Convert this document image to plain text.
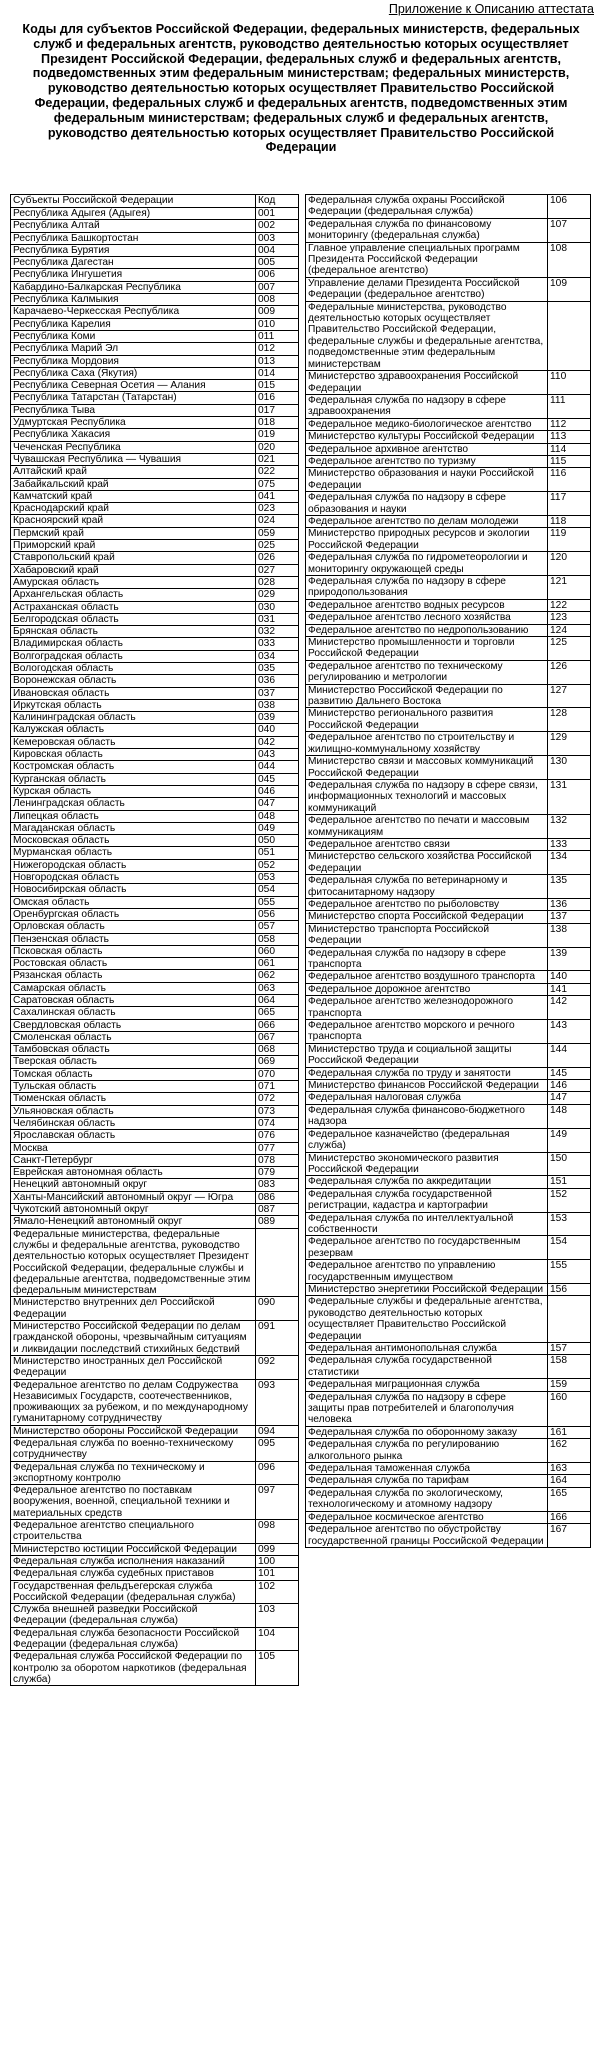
Приложение к Описанию аттестата
Коды для субъектов Российской Федерации, федеральных министерств, федеральных служб и федеральных агентств, руководство деятельностью которых осуществляет Президент Российской Федерации, федеральных служб и федеральных агентств, подведомственных этим федеральным министерствам; федеральных министерств, руководство деятельностью которых осуществляет Правительство Российской Федерации, федеральных служб и федеральных агентств, подведомственных этим федеральным министерствам; федеральных служб и федеральных агентств, руководство деятельностью которых осуществляет Правительство Российской Федерации
Субъекты Российской Федерации	Код
Республика Адыгея (Адыгея)	001
Республика Алтай	002
Республика Башкортостан	003
Республика Бурятия	004
Республика Дагестан	005
Республика Ингушетия	006
Кабардино-Балкарская Республика	007
Республика Калмыкия	008
Карачаево-Черкесская Республика	009
Республика Карелия	010
Республика Коми	011
Республика Марий Эл	012
Республика Мордовия	013
Республика Саха (Якутия)	014
Республика Северная Осетия — Алания	015
Республика Татарстан (Татарстан)	016
Республика Тыва	017
Удмуртская Республика	018
Республика Хакасия	019
Чеченская Республика	020
Чувашская Республика — Чувашия	021
Алтайский край	022
Забайкальский край	075
Камчатский край	041
Краснодарский край	023
Красноярский край	024
Пермский край	059
Приморский край	025
Ставропольский край	026
Хабаровский край	027
Амурская область	028
Архангельская область	029
Астраханская область	030
Белгородская область	031
Брянская область	032
Владимирская область	033
Волгоградская область	034
Вологодская область	035
Воронежская область	036
Ивановская область	037
Иркутская область	038
Калининградская область	039
Калужская область	040
Кемеровская область	042
Кировская область	043
Костромская область	044
Курганская область	045
Курская область	046
Ленинградская область	047
Липецкая область	048
Магаданская область	049
Московская область	050
Мурманская область	051
Нижегородская область	052
Новгородская область	053
Новосибирская область	054
Омская область	055
Оренбургская область	056
Орловская область	057
Пензенская область	058
Псковская область	060
Ростовская область	061
Рязанская область	062
Самарская область	063
Саратовская область	064
Сахалинская область	065
Свердловская область	066
Смоленская область	067
Тамбовская область	068
Тверская область	069
Томская область	070
Тульская область	071
Тюменская область	072
Ульяновская область	073
Челябинская область	074
Ярославская область	076
Москва	077
Санкт-Петербург	078
Еврейская автономная область	079
Ненецкий автономный округ	083
Ханты-Мансийский автономный округ — Югра	086
Чукотский автономный округ	087
Ямало-Ненецкий автономный округ	089
Федеральные министерства, федеральные службы и федеральные агентства, руководство деятельностью которых осуществляет Президент Российской Федерации, федеральные службы и федеральные агентства, подведомственные этим федеральным министерствам	
Министерство внутренних дел Российской Федерации	090
Министерство Российской Федерации по делам гражданской обороны, чрезвычайным ситуациям и ликвидации последствий стихийных бедствий	091
Министерство иностранных дел Российской Федерации	092
Федеральное агентство по делам Содружества Независимых Государств, соотечественников, проживающих за рубежом, и по международному гуманитарному сотрудничеству	093
Министерство обороны Российской Федерации	094
Федеральная служба по военно-техническому сотрудничеству	095
Федеральная служба по техническому и экспортному контролю	096
Федеральное агентство по поставкам вооружения, военной, специальной техники и материальных средств	097
Федеральное агентство специального строительства	098
Министерство юстиции Российской Федерации	099
Федеральная служба исполнения наказаний	100
Федеральная служба судебных приставов	101
Государственная фельдъегерская служба Российской Федерации (федеральная служба)	102
Служба внешней разведки Российской Федерации (федеральная служба)	103
Федеральная служба безопасности Российской Федерации (федеральная служба)	104
Федеральная служба Российской Федерации по контролю за оборотом наркотиков (федеральная служба)	105
Федеральная служба охраны Российской Федерации (федеральная служба)	106
Федеральная служба по финансовому мониторингу (федеральная служба)	107
Главное управление специальных программ Президента Российской Федерации (федеральное агентство)	108
Управление делами Президента Российской Федерации (федеральное агентство)	109
Федеральные министерства, руководство деятельностью которых осуществляет Правительство Российской Федерации, федеральные службы и федеральные агентства, подведомственные этим федеральным министерствам	
Министерство здравоохранения Российской Федерации	110
Федеральная служба по надзору в сфере здравоохранения	111
Федеральное медико-биологическое агентство	112
Министерство культуры Российской Федерации	113
Федеральное архивное агентство	114
Федеральное агентство по туризму	115
Министерство образования и науки Российской Федерации	116
Федеральная служба по надзору в сфере образования и науки	117
Федеральное агентство по делам молодежи	118
Министерство природных ресурсов и экологии Российской Федерации	119
Федеральная служба по гидрометеорологии и мониторингу окружающей среды	120
Федеральная служба по надзору в сфере природопользования	121
Федеральное агентство водных ресурсов	122
Федеральное агентство лесного хозяйства	123
Федеральное агентство по недропользованию	124
Министерство промышленности и торговли Российской Федерации	125
Федеральное агентство по техническому регулированию и метрологии	126
Министерство Российской Федерации по развитию Дальнего Востока	127
Министерство регионального развития Российской Федерации	128
Федеральное агентство по строительству и жилищно-коммунальному хозяйству	129
Министерство связи и массовых коммуникаций Российской Федерации	130
Федеральная служба по надзору в сфере связи, информационных технологий и массовых коммуникаций	131
Федеральное агентство по печати и массовым коммуникациям	132
Федеральное агентство связи	133
Министерство сельского хозяйства Российской Федерации	134
Федеральная служба по ветеринарному и фитосанитарному надзору	135
Федеральное агентство по рыболовству	136
Министерство спорта Российской Федерации	137
Министерство транспорта Российской Федерации	138
Федеральная служба по надзору в сфере транспорта	139
Федеральное агентство воздушного транспорта	140
Федеральное дорожное агентство	141
Федеральное агентство железнодорожного транспорта	142
Федеральное агентство морского и речного транспорта	143
Министерство труда и социальной защиты Российской Федерации	144
Федеральная служба по труду и занятости	145
Министерство финансов Российской Федерации	146
Федеральная налоговая служба	147
Федеральная служба финансово-бюджетного надзора	148
Федеральное казначейство (федеральная служба)	149
Министерство экономического развития Российской Федерации	150
Федеральная служба по аккредитации	151
Федеральная служба государственной регистрации, кадастра и картографии	152
Федеральная служба по интеллектуальной собственности	153
Федеральное агентство по государственным резервам	154
Федеральное агентство по управлению государственным имуществом	155
Министерство энергетики Российской Федерации	156
Федеральные службы и федеральные агентства, руководство деятельностью которых осуществляет Правительство Российской Федерации	
Федеральная антимонопольная служба	157
Федеральная служба государственной статистики	158
Федеральная миграционная служба	159
Федеральная служба по надзору в сфере защиты прав потребителей и благополучия человека	160
Федеральная служба по оборонному заказу	161
Федеральная служба по регулированию алкогольного рынка	162
Федеральная таможенная служба	163
Федеральная служба по тарифам	164
Федеральная служба по экологическому, технологическому и атомному надзору	165
Федеральное космическое агентство	166
Федеральное агентство по обустройству государственной границы Российской Федерации	167
